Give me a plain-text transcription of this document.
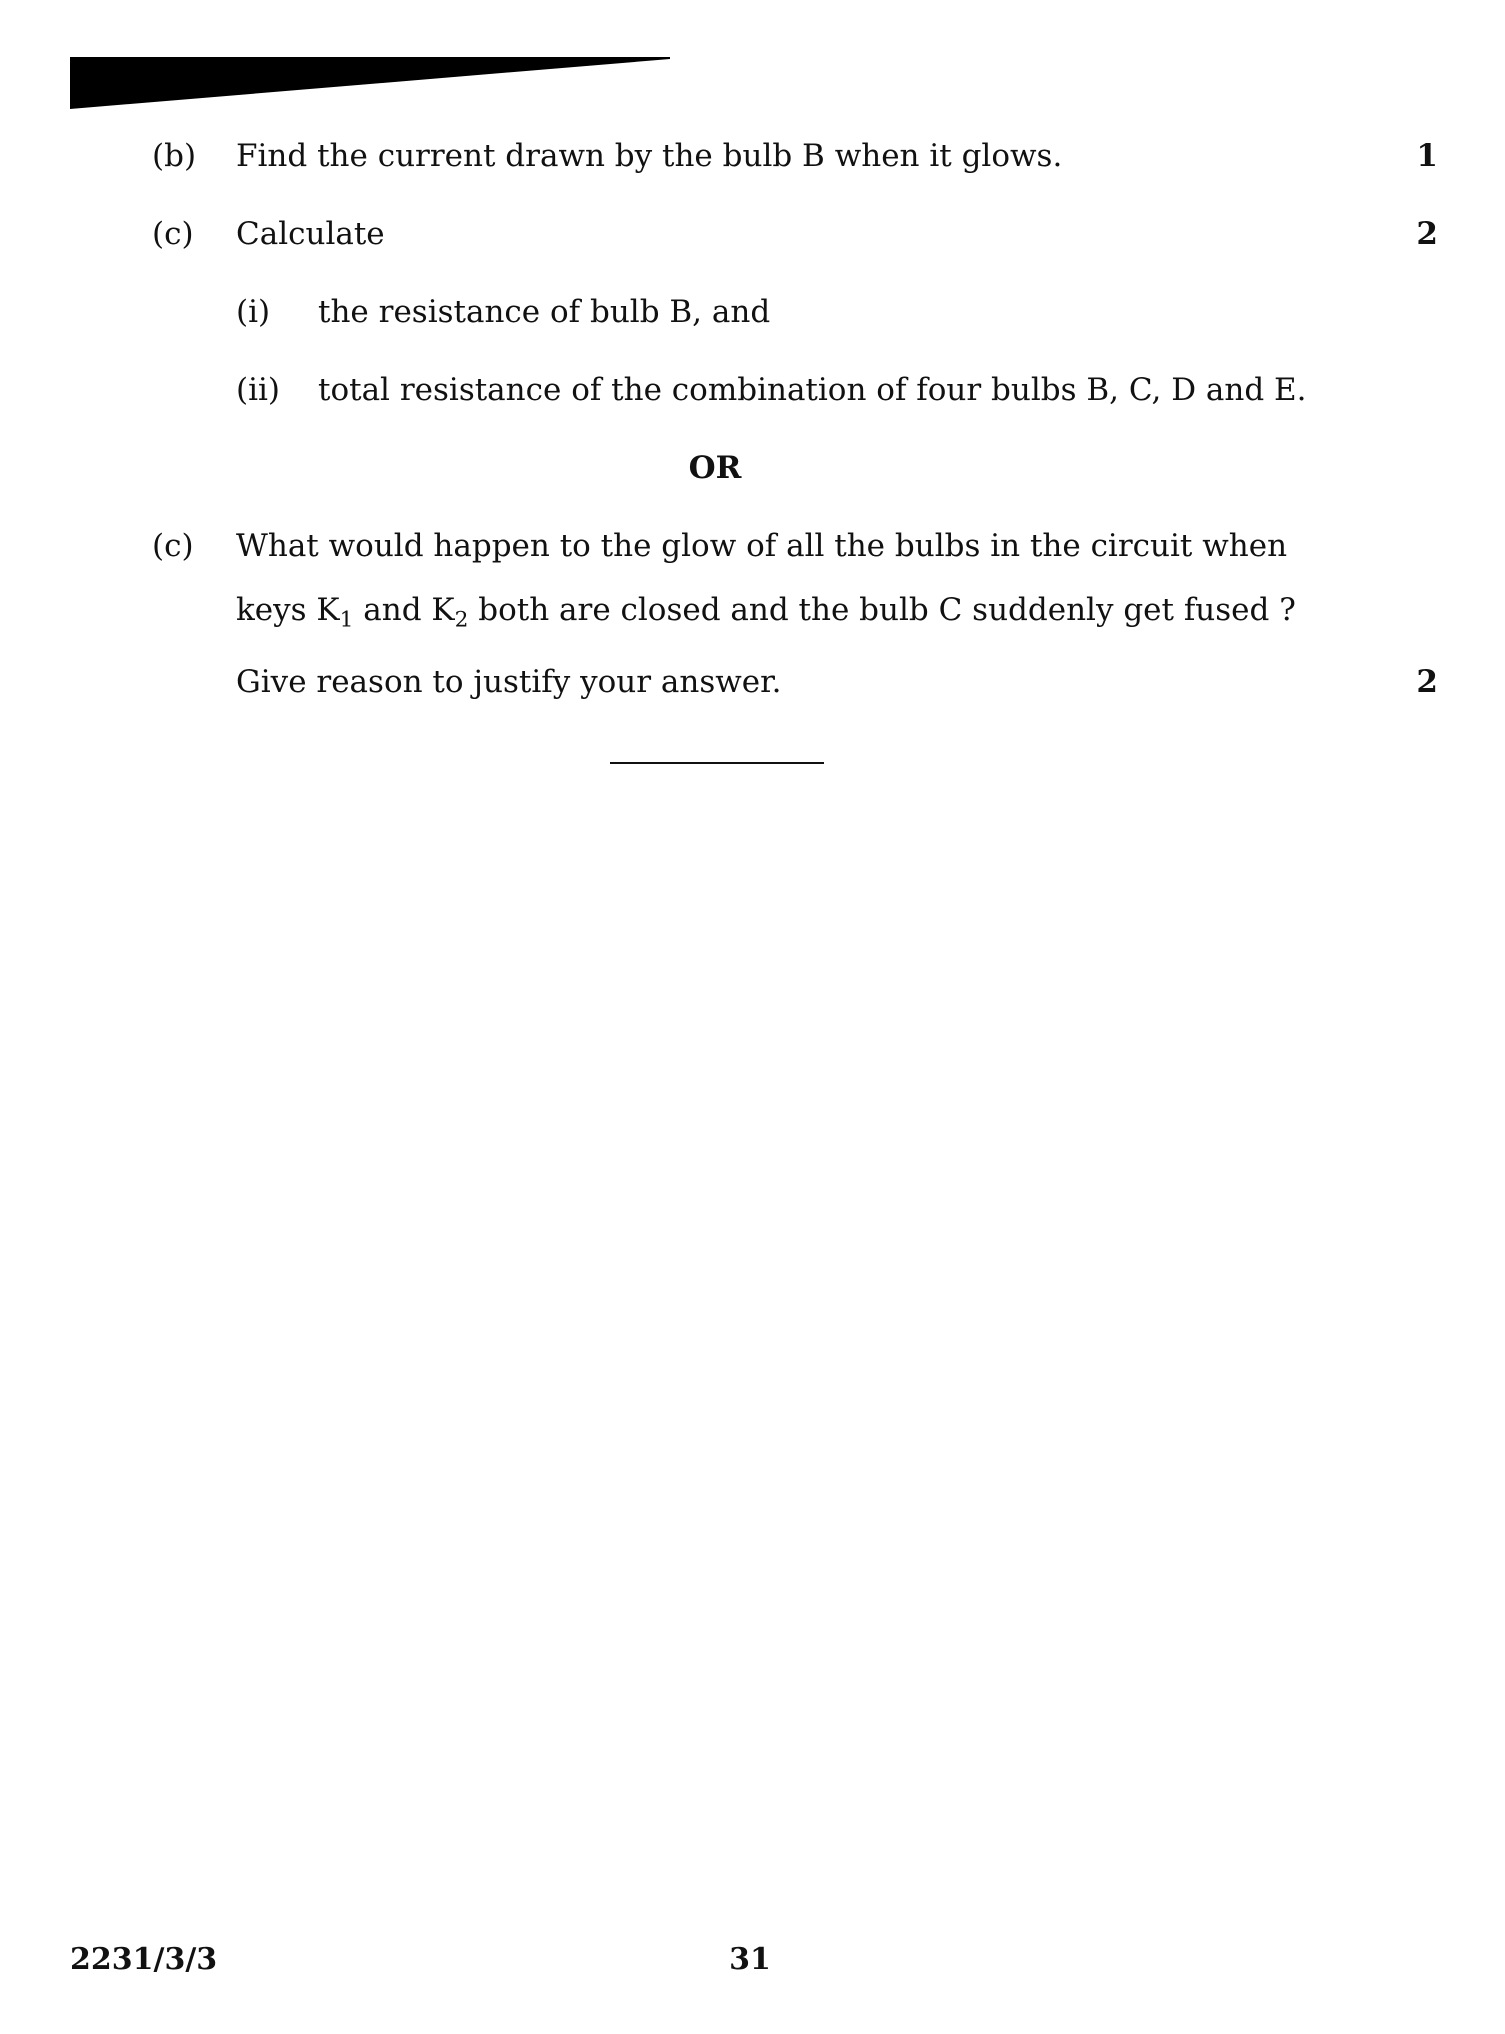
(b) Find the current drawn by the bulb B when it glows.	1
(c) Calculate	2
(i) the resistance of bulb B, and
(ii) total resistance of the combination of four bulbs B, C, D and E.
OR
(c) What would happen to the glow of all the bulbs in the circuit when
keys $K_1$ and $K_2$ both are closed and the bulb C suddenly get fused ?
Give reason to justify your answer.	2
2231/3/3	31
